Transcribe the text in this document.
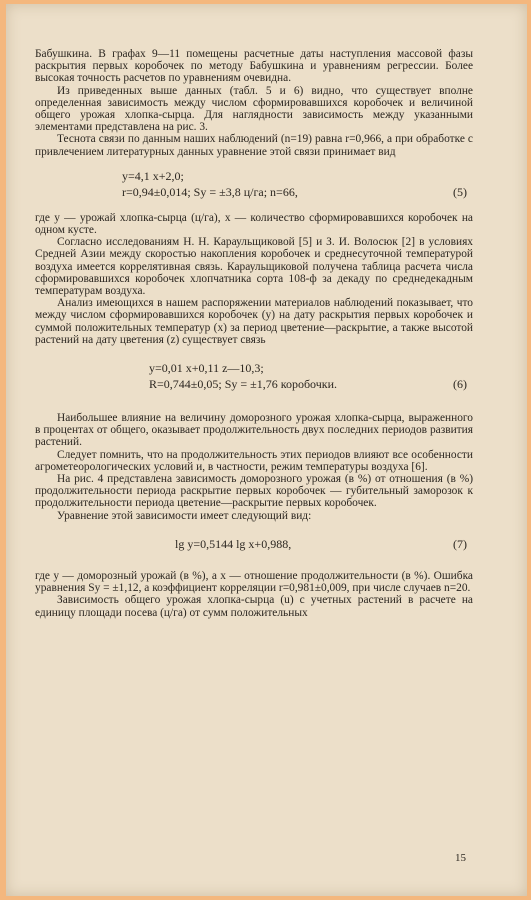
Бабушкина. В графах 9—11 помещены расчетные даты наступления массовой фазы раскрытия первых коробочек по методу Бабушкина и уравнениям регрессии. Более высокая точность расчетов по уравнениям очевидна.

Из приведенных выше данных (табл. 5 и 6) видно, что существует вполне определенная зависимость между числом сформировавшихся коробочек и величиной общего урожая хлопка-сырца. Для наглядности зависимость между указанными элементами представлена на рис. 3.

Теснота связи по данным наших наблюдений (n=19) равна r=0,966, а при обработке с привлечением литературных данных уравнение этой связи принимает вид

y=4,1 x+2,0;
r=0,94±0,014; Sy = ±3,8 ц/га; n=66,	(5)

где y — урожай хлопка-сырца (ц/га), x — количество сформировавшихся коробочек на одном кусте.

Согласно исследованиям Н. Н. Караульщиковой [5] и З. И. Волосюк [2] в условиях Средней Азии между скоростью накопления коробочек и среднесуточной температурой воздуха имеется коррелятивная связь. Караульщиковой получена таблица расчета числа сформировавшихся коробочек хлопчатника сорта 108-ф за декаду по среднедекадным температурам воздуха.

Анализ имеющихся в нашем распоряжении материалов наблюдений показывает, что между числом сформировавшихся коробочек (y) на дату раскрытия первых коробочек и суммой положительных температур (x) за период цветение—раскрытие, а также высотой растений на дату цветения (z) существует связь

y=0,01 x+0,11 z—10,3;
R=0,744±0,05; Sy = ±1,76 коробочки.	(6)

Наибольшее влияние на величину доморозного урожая хлопка-сырца, выраженного в процентах от общего, оказывает продолжительность двух последних периодов развития растений.

Следует помнить, что на продолжительность этих периодов влияют все особенности агрометеорологических условий и, в частности, режим температуры воздуха [6].

На рис. 4 представлена зависимость доморозного урожая (в %) от отношения (в %) продолжительности периода раскрытие первых коробочек — губительный заморозок к продолжительности периода цветение—раскрытие первых коробочек.

Уравнение этой зависимости имеет следующий вид:

lg y=0,5144 lg x+0,988,	(7)

где y — доморозный урожай (в %), а x — отношение продолжительности (в %). Ошибка уравнения Sy = ±1,12, а коэффициент корреляции r=0,981±0,009, при числе случаев n=20.

Зависимость общего урожая хлопка-сырца (u) с учетных растений в расчете на единицу площади посева (ц/га) от сумм положительных

15
